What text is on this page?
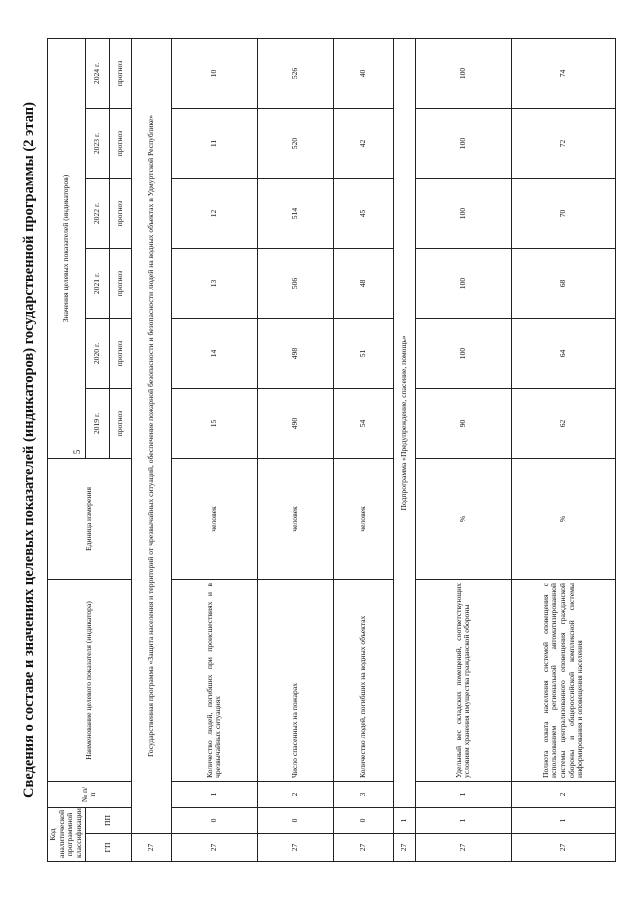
5
Сведения о составе и значениях целевых показателей (индикаторов) государственной программы (2 этап)
Код аналитической программной классификации		№ п/п	Наименование целевого показателя (индикатора)	Единица измерения	Значения целевых показателей (индикаторов)					
ГП	ПП				2019 г.	2020 г.	2021 г.	2022 г.	2023 г.	2024 г.
					прогноз	прогноз	прогноз	прогноз	прогноз	прогноз
27	Государственная программа «Защита населения и территорий от чрезвычайных ситуаций, обеспечение пожарной безопасности и безопасности людей на водных объектах в Удмуртской Республике»									
27	0	1	Количество людей, погибших при происшествиях и в чрезвычайных ситуациях	человек	15	14	13	12	11	10
27	0	2	Число спасенных на пожарах	человек	490	498	506	514	520	526
27	0	3	Количество людей, погибших на водных объектах	человек	54	51	48	45	42	40
27	1	Подпрограмма «Предупреждение, спасение, помощь»								
27	1	1	Удельный вес складских помещений, соответствующих условиям хранения имущества гражданской обороны	%	90	100	100	100	100	100
27	1	2	Полнота охвата населения системой оповещения с использованием региональной автоматизированной системы централизованного оповещения гражданской обороны и общероссийской комплексной системы информирования и оповещения населения	%	62	64	68	70	72	74
